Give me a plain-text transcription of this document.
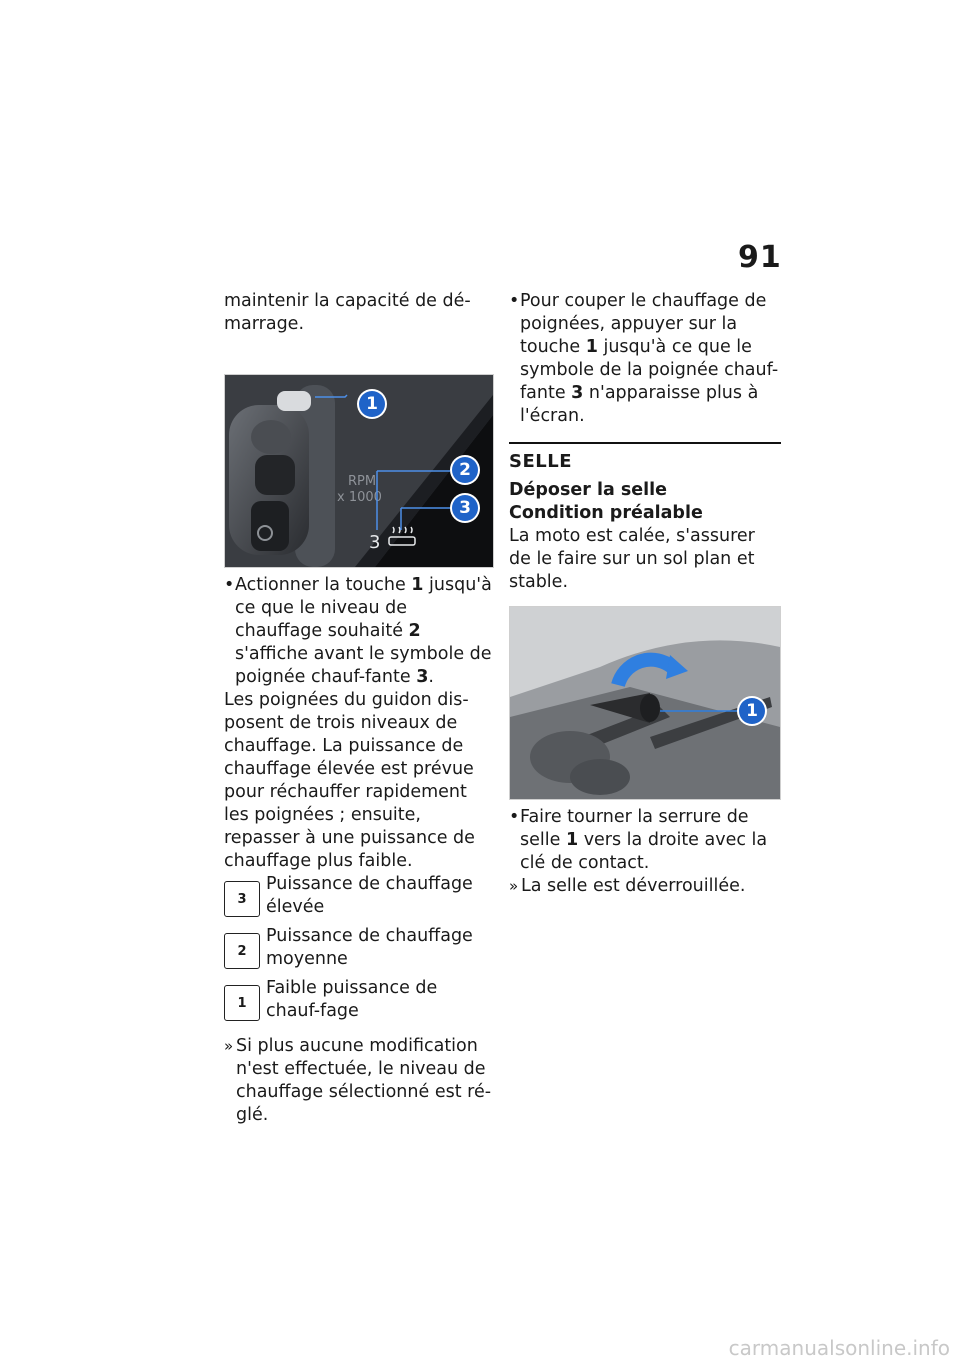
91

maintenir la capacité de dé-marrage.

RPM
x 1000
3
1
2
3

• Actionner la touche 1 jusqu'à ce que le niveau de chauffage souhaité 2 s'affiche avant le symbole de poignée chauf-fante 3.

Les poignées du guidon dis-posent de trois niveaux de chauffage. La puissance de chauffage élevée est prévue pour réchauffer rapidement les poignées ; ensuite, repasser à une puissance de chauffage plus faible.

3
Puissance de chauffage élevée
2
Puissance de chauffage moyenne
1
Faible puissance de chauf-fage

» Si plus aucune modification n'est effectuée, le niveau de chauffage sélectionné est ré-glé.

• Pour couper le chauffage de poignées, appuyer sur la touche 1 jusqu'à ce que le symbole de la poignée chauf-fante 3 n'apparaisse plus à l'écran.

SELLE

Déposer la selle

Condition préalable

La moto est calée, s'assurer de le faire sur un sol plan et stable.

1

• Faire tourner la serrure de selle 1 vers la droite avec la clé de contact.

» La selle est déverrouillée.

carmanualsonline.info
